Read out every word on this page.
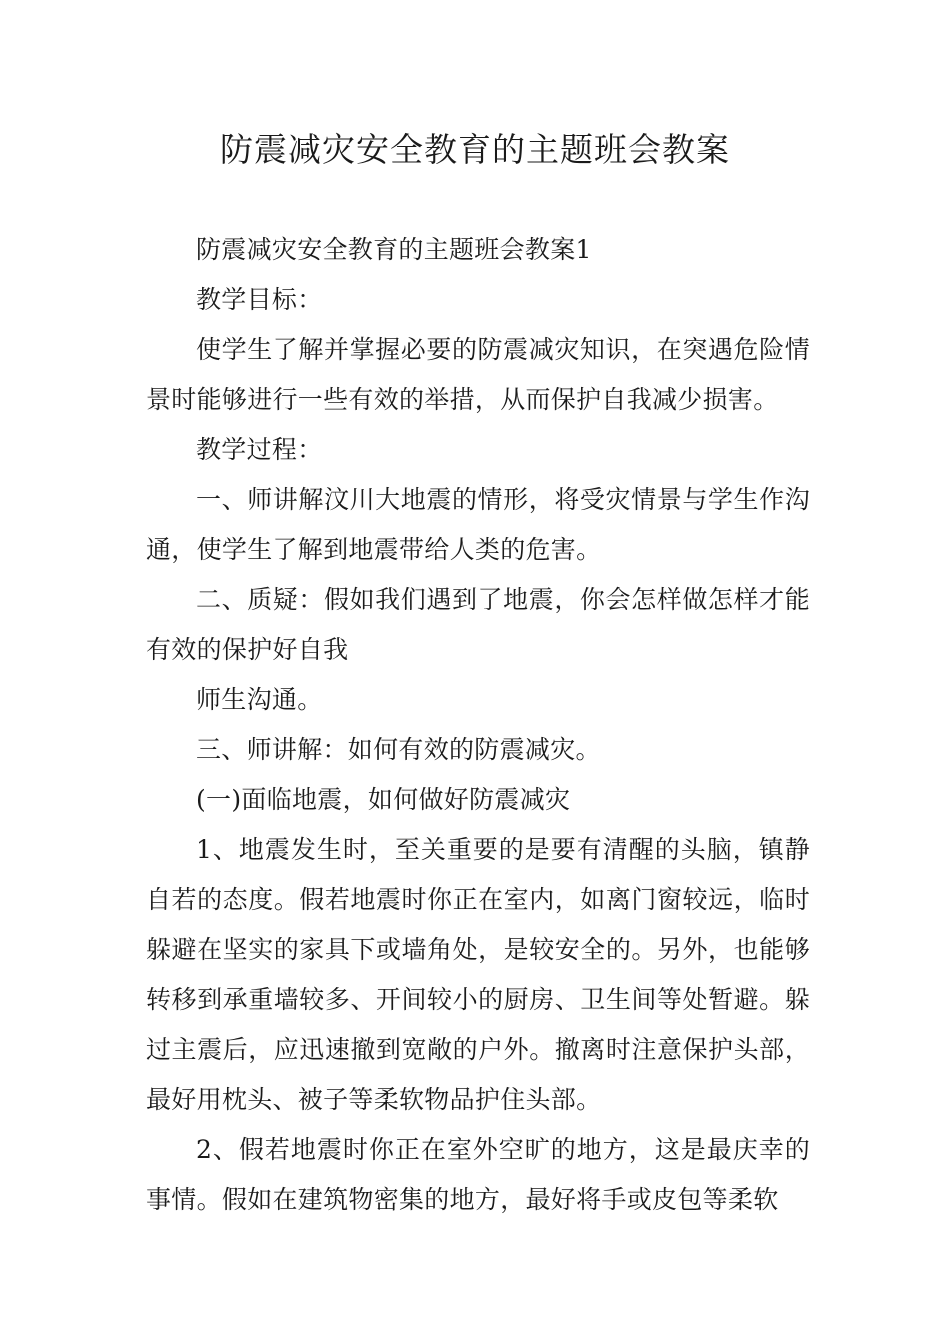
防震减灾安全教育的主题班会教案

防震减灾安全教育的主题班会教案1

教学目标：

使学生了解并掌握必要的防震减灾知识，在突遇危险情景时能够进行一些有效的举措，从而保护自我减少损害。

教学过程：

一、师讲解汶川大地震的情形，将受灾情景与学生作沟通，使学生了解到地震带给人类的危害。

二、质疑：假如我们遇到了地震，你会怎样做怎样才能有效的保护好自我

师生沟通。

三、师讲解：如何有效的防震减灾。

(一)面临地震，如何做好防震减灾

1、地震发生时，至关重要的是要有清醒的头脑，镇静自若的态度。假若地震时你正在室内，如离门窗较远，临时躲避在坚实的家具下或墙角处，是较安全的。另外，也能够转移到承重墙较多、开间较小的厨房、卫生间等处暂避。躲过主震后，应迅速撤到宽敞的户外。撤离时注意保护头部，最好用枕头、被子等柔软物品护住头部。

2、假若地震时你正在室外空旷的地方，这是最庆幸的事情。假如在建筑物密集的地方，最好将手或皮包等柔软
